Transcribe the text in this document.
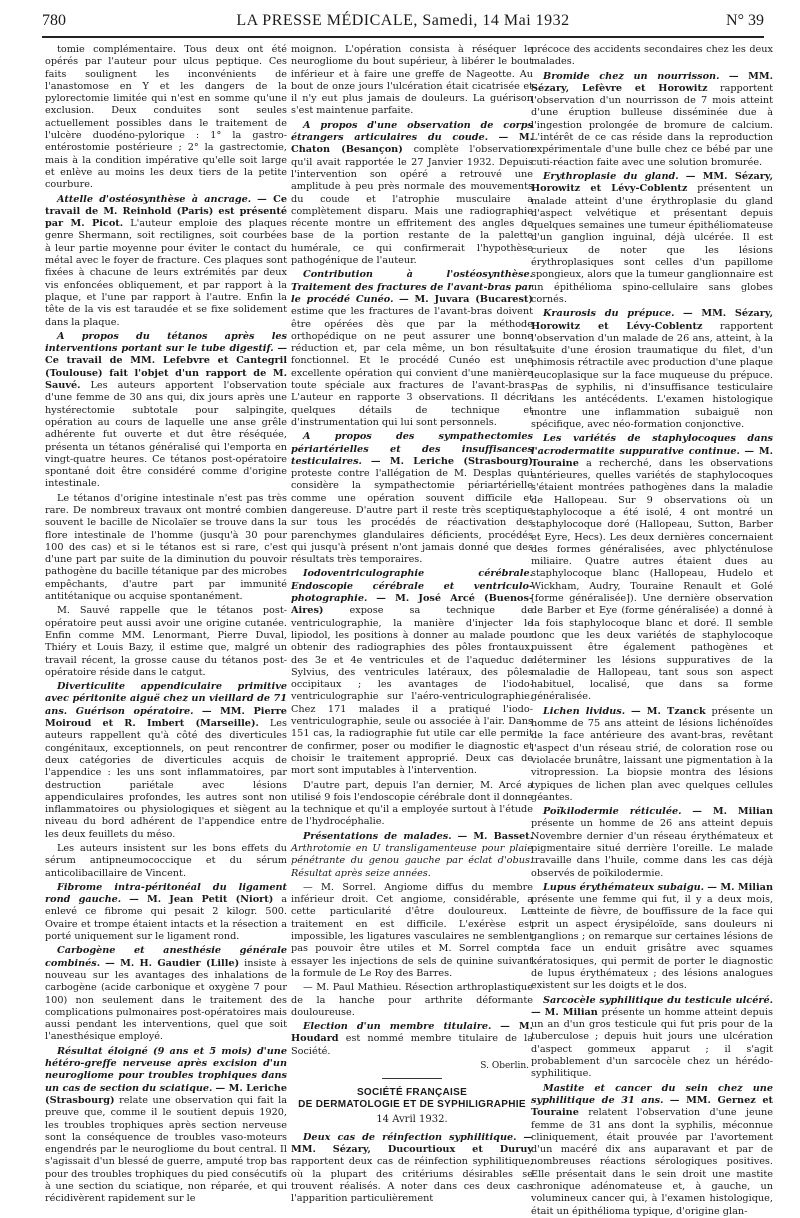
780	LA PRESSE MÉDICALE, Samedi, 14 Mai 1932	N° 39

tomie complémentaire. Tous deux ont été opérés par l'auteur pour ulcus peptique. Ces faits soulignent les inconvénients de l'anastomose en Y et les dangers de la pylorectomie limitée qui n'est en somme qu'une exclusion. Deux conduites sont seules actuellement possibles dans le traitement de l'ulcère duodéno-pylorique : 1° la gastro-entérostomie postérieure ; 2° la gastrectomie, mais à la condition impérative qu'elle soit large et enlève au moins les deux tiers de la petite courbure.

Attelle d'ostéosynthèse à ancrage. — Ce travail de M. Reinhold (Paris) est présenté par M. Picot. L'auteur emploie des plaques genre Shermann, soit rectilignes, soit courbées à leur partie moyenne pour éviter le contact du métal avec le foyer de fracture. Ces plaques sont fixées à chacune de leurs extrémités par deux vis enfoncées obliquement, et par rapport à la plaque, et l'une par rapport à l'autre. Enfin la tête de la vis est taraudée et se fixe solidement dans la plaque.

A propos du tétanos après les interventions portant sur le tube digestif. — Ce travail de MM. Lefebvre et Cantegril (Toulouse) fait l'objet d'un rapport de M. Sauvé. Les auteurs apportent l'observation d'une femme de 30 ans qui, dix jours après une hystérectomie subtotale pour salpingite, opération au cours de laquelle une anse grêle adhérente fut ouverte et dut être réséquée, présenta un tétanos généralisé qui l'emporta en vingt-quatre heures. Ce tétanos post-opératoire spontané doit être considéré comme d'origine intestinale.

Le tétanos d'origine intestinale n'est pas très rare. De nombreux travaux ont montré combien souvent le bacille de Nicolaïer se trouve dans la flore intestinale de l'homme (jusqu'à 30 pour 100 des cas) et si le tétanos est si rare, c'est d'une part par suite de la diminution du pouvoir pathogène du bacille tétanique par des microbes empêchants, d'autre part par immunité antitétanique ou acquise spontanément.

M. Sauvé rappelle que le tétanos post-opératoire peut aussi avoir une origine cutanée. Enfin comme MM. Lenormant, Pierre Duval, Thiéry et Louis Bazy, il estime que, malgré un travail récent, la grosse cause du tétanos post-opératoire réside dans le catgut.

Diverticulite appendiculaire primitive avec péritonite aiguë chez un vieillard de 71 ans. Guérison opératoire. — MM. Pierre Moiroud et R. Imbert (Marseille). Les auteurs rappellent qu'à côté des diverticules congénitaux, exceptionnels, on peut rencontrer deux catégories de diverticules acquis de l'appendice : les uns sont inflammatoires, par destruction pariétale avec lésions appendiculaires profondes, les autres sont non inflammatoires ou physiologiques et siègent au niveau du bord adhérent de l'appendice entre les deux feuillets du méso.

Les auteurs insistent sur les bons effets du sérum antipneumococcique et du sérum anticolibacillaire de Vincent.

Fibrome intra-péritonéal du ligament rond gauche. — M. Jean Petit (Niort) a enlevé ce fibrome qui pesait 2 kilogr. 500. Ovaire et trompe étaient intacts et la résection a porté uniquement sur le ligament rond.

Carbogène et anesthésie générale combinés. — M. H. Gaudier (Lille) insiste à nouveau sur les avantages des inhalations de carbogène (acide carbonique et oxygène 7 pour 100) non seulement dans le traitement des complications pulmonaires post-opératoires mais aussi pendant les interventions, quel que soit l'anesthésique employé.

Résultat éloigné (9 ans et 5 mois) d'une hétéro-greffe nerveuse après excision d'un neurogliome pour troubles trophiques dans un cas de section du sciatique. — M. Leriche (Strasbourg) relate une observation qui fait la preuve que, comme il le soutient depuis 1920, les troubles trophiques après section nerveuse sont la conséquence de troubles vaso-moteurs engendrés par le neurogliome du bout central. Il s'agissait d'un blessé de guerre, amputé trop bas pour des troubles trophiques du pied consécutifs à une section du sciatique, non réparée, et qui récidivèrent rapidement sur le

moignon. L'opération consista à réséquer le neurogliome du bout supérieur, à libérer le bout inférieur et à faire une greffe de Nageotte. Au bout de onze jours l'ulcération était cicatrisée et il n'y eut plus jamais de douleurs. La guérison s'est maintenue parfaite.

A propos d'une observation de corps étrangers articulaires du coude. — M. Chaton (Besançon) complète l'observation qu'il avait rapportée le 27 Janvier 1932. Depuis l'intervention son opéré a retrouvé une amplitude à peu près normale des mouvements du coude et l'atrophie musculaire a complètement disparu. Mais une radiographie récente montre un effritement des angles de base de la portion restante de la palette humérale, ce qui confirmerait l'hypothèse pathogénique de l'auteur.

Contribution à l'ostéosynthèse. Traitement des fractures de l'avant-bras par le procédé Cunéo. — M. Juvara (Bucarest) estime que les fractures de l'avant-bras doivent être opérées dès que par la méthode orthopédique on ne peut assurer une bonne réduction et, par cela même, un bon résultat fonctionnel. Et le procédé Cunéo est une excellente opération qui convient d'une manière toute spéciale aux fractures de l'avant-bras. L'auteur en rapporte 3 observations. Il décrit quelques détails de technique et d'instrumentation qui lui sont personnels.

A propos des sympathectomies périartérielles et des insuffisances testiculaires. — M. Leriche (Strasbourg) proteste contre l'allégation de M. Desplas qui considère la sympathectomie périartérielle comme une opération souvent difficile et dangereuse. D'autre part il reste très sceptique sur tous les procédés de réactivation des parenchymes glandulaires déficients, procédés qui jusqu'à présent n'ont jamais donné que des résultats très temporaires.

Iodoventriculographie cérébrale. Endoscopie cérébrale et ventriculo-photographie. — M. José Arcé (Buenos-Aires) expose sa technique de ventriculographie, la manière d'injecter le lipiodol, les positions à donner au malade pour obtenir des radiographies des pôles frontaux, des 3e et 4e ventricules et de l'aqueduc de Sylvius, des ventricules latéraux, des pôles occipitaux ; les avantages de l'iodo-ventriculographie sur l'aéro-ventriculographie. Chez 171 malades il a pratiqué l'iodo-ventriculographie, seule ou associée à l'air. Dans 151 cas, la radiographie fut utile car elle permit de confirmer, poser ou modifier le diagnostic et choisir le traitement approprié. Deux cas de mort sont imputables à l'intervention.

D'autre part, depuis l'an dernier, M. Arcé a utilisé 9 fois l'endoscopie cérébrale dont il donne la technique et qu'il a employée surtout à l'étude de l'hydrocéphalie.

Présentations de malades. — M. Basset. Arthrotomie en U transligamenteuse pour plaie pénétrante du genou gauche par éclat d'obus. Résultat après seize années.

— M. Sorrel. Angiome diffus du membre inférieur droit. Cet angiome, considérable, a cette particularité d'être douloureux. Le traitement en est difficile. L'exérèse est impossible, les ligatures vasculaires ne semblent pas pouvoir être utiles et M. Sorrel compte essayer les injections de sels de quinine suivant la formule de Le Roy des Barres.

— M. Paul Mathieu. Résection arthroplastique de la hanche pour arthrite déformante douloureuse.

Election d'un membre titulaire. — M. Houdard est nommé membre titulaire de la Société.

S. Oberlin.

SOCIÉTÉ FRANÇAISE
DE DERMATOLOGIE ET DE SYPHILIGRAPHIE
14 Avril 1932.

Deux cas de réinfection syphilitique. — MM. Sézary, Ducourtioux et Duruy rapportent deux cas de réinfection syphilitique, où la plupart des critériums désirables se trouvent réalisés. A noter dans ces deux cas l'apparition particulièrement

précoce des accidents secondaires chez les deux malades.

Bromide chez un nourrisson. — MM. Sézary, Lefèvre et Horowitz rapportent l'observation d'un nourrisson de 7 mois atteint d'une éruption bulleuse disséminée due à l'ingestion prolongée de bromure de calcium. L'intérêt de ce cas réside dans la reproduction expérimentale d'une bulle chez ce bébé par une cuti-réaction faite avec une solution bromurée.

Erythroplasie du gland. — MM. Sézary, Horowitz et Lévy-Coblentz présentent un malade atteint d'une érythroplasie du gland d'aspect velvétique et présentant depuis quelques semaines une tumeur épithéliomateuse d'un ganglion inguinal, déjà ulcérée. Il est curieux de noter que les lésions érythroplasiques sont celles d'un papillome spongieux, alors que la tumeur ganglionnaire est un épithélioma spino-cellulaire sans globes cornés.

Kraurosis du prépuce. — MM. Sézary, Horowitz et Lévy-Coblentz rapportent l'observation d'un malade de 26 ans, atteint, à la suite d'une érosion traumatique du filet, d'un phimosis rétractile avec production d'une plaque leucoplasique sur la face muqueuse du prépuce. Pas de syphilis, ni d'insuffisance testiculaire dans les antécédents. L'examen histologique montre une inflammation subaiguë non spécifique, avec néo-formation conjonctive.

Les variétés de staphylocoques dans l'acrodermatite suppurative continue. — M. Touraine a recherché, dans les observations antérieures, quelles variétés de staphylocoques s'étaient montrées pathogènes dans la maladie de Hallopeau. Sur 9 observations où un staphylocoque a été isolé, 4 ont montré un staphylocoque doré (Hallopeau, Sutton, Barber et Eyre, Hecs). Les deux dernières concernaient des formes généralisées, avec phlycténulose miliaire. Quatre autres étaient dues au staphylocoque blanc (Hallopeau, Hudelo et Wickham, Audry, Touraine Renault et Golé [forme généralisée]). Une dernière observation de Barber et Eye (forme généralisée) a donné à la fois staphylocoque blanc et doré. Il semble donc que les deux variétés de staphylocoque puissent être également pathogènes et déterminer les lésions suppuratives de la maladie de Hallopeau, tant sous son aspect habituel, localisé, que dans sa forme généralisée.

Lichen lividus. — M. Tzanck présente un homme de 75 ans atteint de lésions lichénoïdes de la face antérieure des avant-bras, revêtant l'aspect d'un réseau strié, de coloration rose ou violacée brunâtre, laissant une pigmentation à la vitropression. La biopsie montra des lésions typiques de lichen plan avec quelques cellules géantes.

Poïkilodermie réticulée. — M. Milian présente un homme de 26 ans atteint depuis Novembre dernier d'un réseau érythémateux et pigmentaire situé derrière l'oreille. Le malade travaille dans l'huile, comme dans les cas déjà observés de poïkilodermie.

Lupus érythémateux subaigu. — M. Milian présente une femme qui fut, il y a deux mois, atteinte de fièvre, de bouffissure de la face qui prit un aspect érysipéloïde, sans douleurs ni ganglions ; on remarque sur certaines lésions de la face un enduit grisâtre avec squames kératosiques, qui permit de porter le diagnostic de lupus érythémateux ; des lésions analogues existent sur les doigts et le dos.

Sarcocèle syphilitique du testicule ulcéré. — M. Milian présente un homme atteint depuis un an d'un gros testicule qui fut pris pour de la tuberculose ; depuis huit jours une ulcération d'aspect gommeux apparut ; il s'agit probablement d'un sarcocèle chez un hérédo-syphilitique.

Mastite et cancer du sein chez une syphilitique de 31 ans. — MM. Gernez et Touraine relatent l'observation d'une jeune femme de 31 ans dont la syphilis, méconnue cliniquement, était prouvée par l'avortement d'un macéré dix ans auparavant et par de nombreuses réactions sérologiques positives. Elle présentait dans le sein droit une mastite chronique adénomateuse et, à gauche, un volumineux cancer qui, à l'examen histologique, était un épithélioma typique, d'origine glan-
